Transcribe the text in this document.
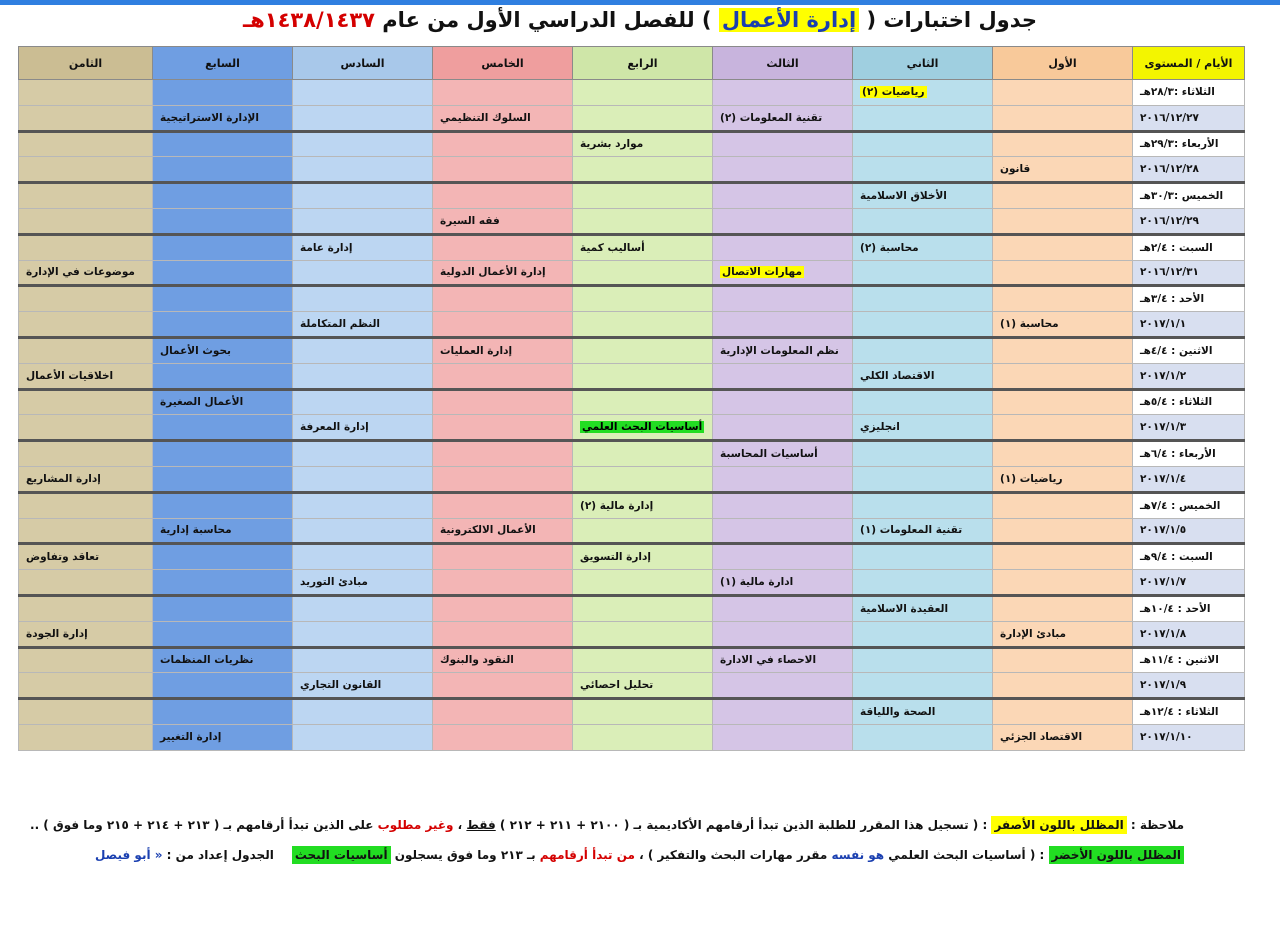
جدول اختبارات ( إدارة الأعمال ) للفصل الدراسي الأول من عام ١٤٣٨/١٤٣٧هـ
الأيام / المستوى	الأول	الثاني	الثالث	الرابع	الخامس	السادس	السابع	الثامن
الثلاثاء :٢٨/٣هـ		رياضيات (٢)						
٢٠١٦/١٢/٢٧			تقنية المعلومات (٢)		السلوك التنظيمي		الإدارة الاستراتيجية	
الأربعاء :٢٩/٣هـ				موارد بشرية				
٢٠١٦/١٢/٢٨	قانون							
الخميس :٣٠/٣هـ		الأخلاق الاسلامية						
٢٠١٦/١٢/٢٩					فقه السيرة			
السبت : ٢/٤هـ		محاسبة (٢)		أساليب كمية		إدارة عامة		
٢٠١٦/١٢/٣١			مهارات الاتصال		إدارة الأعمال الدولية			موضوعات في الإدارة
الأحد : ٣/٤هـ								
٢٠١٧/١/١	محاسبة (١)					النظم المتكاملة		
الاثنين : ٤/٤هـ			نظم المعلومات الإدارية		إدارة العمليات		بحوث الأعمال	
٢٠١٧/١/٢		الاقتصاد الكلي						اخلاقيات الأعمال
الثلاثاء : ٥/٤هـ							الأعمال الصغيرة	
٢٠١٧/١/٣		انجليزي		أساسيات البحث العلمي		إدارة المعرفة		
الأربعاء : ٦/٤هـ			أساسيات المحاسبة					
٢٠١٧/١/٤	رياضيات (١)							إدارة المشاريع
الخميس : ٧/٤هـ				إدارة مالية (٢)				
٢٠١٧/١/٥		تقنية المعلومات (١)			الأعمال الالكترونية		محاسبة إدارية	
السبت : ٩/٤هـ				إدارة التسويق				تعاقد وتفاوض
٢٠١٧/١/٧			ادارة مالية (١)			مبادئ التوريد		
الأحد : ١٠/٤هـ		العقيدة الاسلامية						
٢٠١٧/١/٨	مبادئ الإدارة							إدارة الجودة
الاثنين : ١١/٤هـ			الاحصاء في الادارة		النقود والبنوك		نظريات المنظمات	
٢٠١٧/١/٩				تحليل احصائي		القانون التجاري		
الثلاثاء : ١٢/٤هـ		الصحة واللياقة						
٢٠١٧/١/١٠	الاقتصاد الجزئي						إدارة التغيير	
ملاحظة : المظلل باللون الأصفر : ( تسجيل هذا المقرر للطلبة الذين تبدأ أرقامهم الأكاديمية بـ ( ٢١٠٠ + ٢١١ + ٢١٢ ) فقط ، وغير مطلوب على الذين تبدأ أرقامهم بـ ( ٢١٣ + ٢١٤ + ٢١٥ وما فوق ) ..
المظلل باللون الأخضر : ( أساسيات البحث العلمي هو نفسه مقرر مهارات البحث والتفكير ) ، من تبدأ أرقامهم بـ ٢١٣ وما فوق يسجلون أساسيات البحثالجدول إعداد من : « أبو فيصل
